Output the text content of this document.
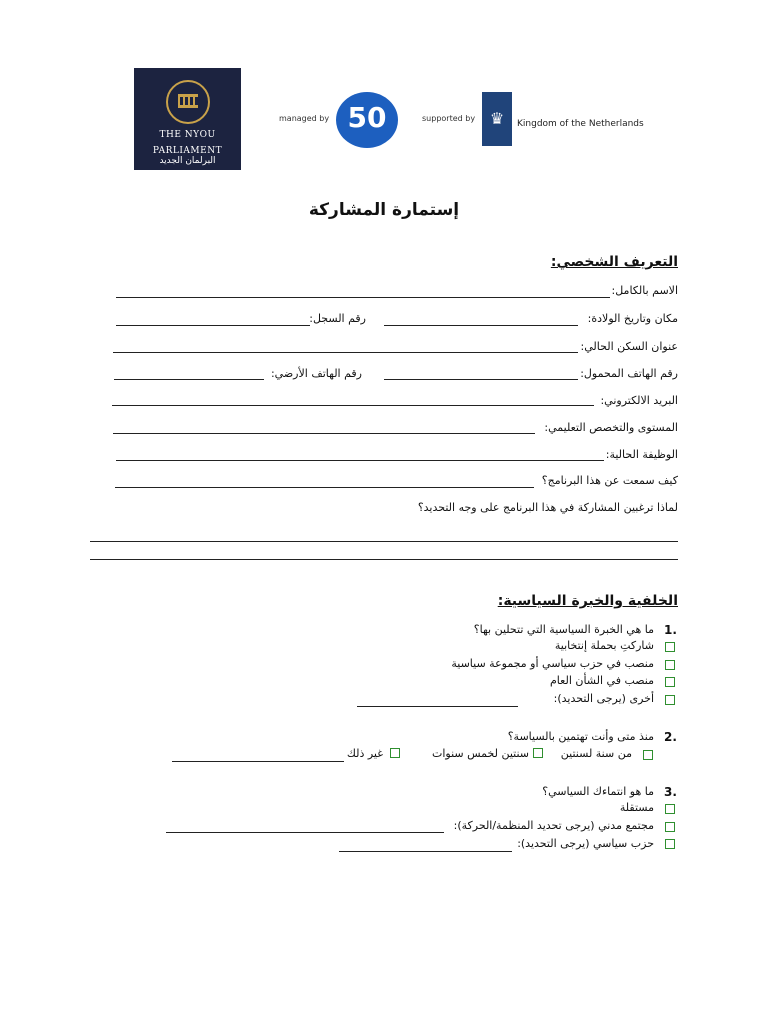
THE NYOU
PARLIAMENT
البرلمان الجديد
managed by 50	supported by ♛	Kingdom of the Netherlands
إستمارة المشاركة
التعريف الشخصي:
الاسم بالكامل:
مكان وتاريخ الولادة:
رقم السجل:
عنوان السكن الحالي:
رقم الهاتف المحمول:
رقم الهاتف الأرضي:
البريد الالكتروني:
المستوى والتخصص التعليمي:
الوظيفة الحالية:
كيف سمعت عن هذا البرنامج؟
لماذا ترغبين المشاركة في هذا البرنامج على وجه التحديد؟
الخلفية والخبرة السياسية:
1.
ما هي الخبرة السياسية التي تتحلين بها؟
شاركتِ بحملة إنتخابية
منصب في حزب سياسي أو مجموعة سياسية
منصب في الشأن العام
أخرى (يرجى التحديد):
2.
منذ متى وأنت تهتمين بالسياسة؟
من سنة لسنتين
سنتين لخمس سنوات
غير ذلك
3.
ما هو انتماءك السياسي؟
مستقلة
مجتمع مدني (يرجى تحديد المنظمة/الحركة):
حزب سياسي (يرجى التحديد):
